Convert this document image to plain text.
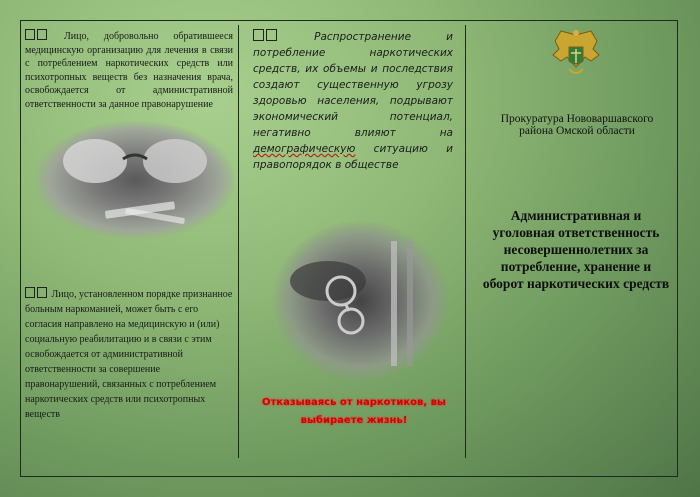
Лицо, добровольно обратившееся медицинскую организацию для лечения в связи с потреблением наркотических средств или психотропных веществ без назначения врача, освобождается от административной ответственности за данное правонарушение

Лицо, установленном порядке признанное больным наркоманией, может быть с его согласия направлено на медицинскую и (или) социальную реабилитацию и в связи с этим освобождается от административной ответственности за совершение правонарушений, связанных с потреблением наркотических средств или психотропных веществ

Распространение и потребление наркотических средств, их объемы и последствия создают существенную угрозу здоровью населения, подрывают экономический потенциал, негативно влияют на демографическую ситуацию и правопорядок в обществе

Отказываясь от наркотиков, вы
выбираете жизнь!
Прокуратура Нововаршавского
района Омской области
Административная и уголовная ответственность несовершеннолетних за потребление, хранение и оборот наркотических средств
